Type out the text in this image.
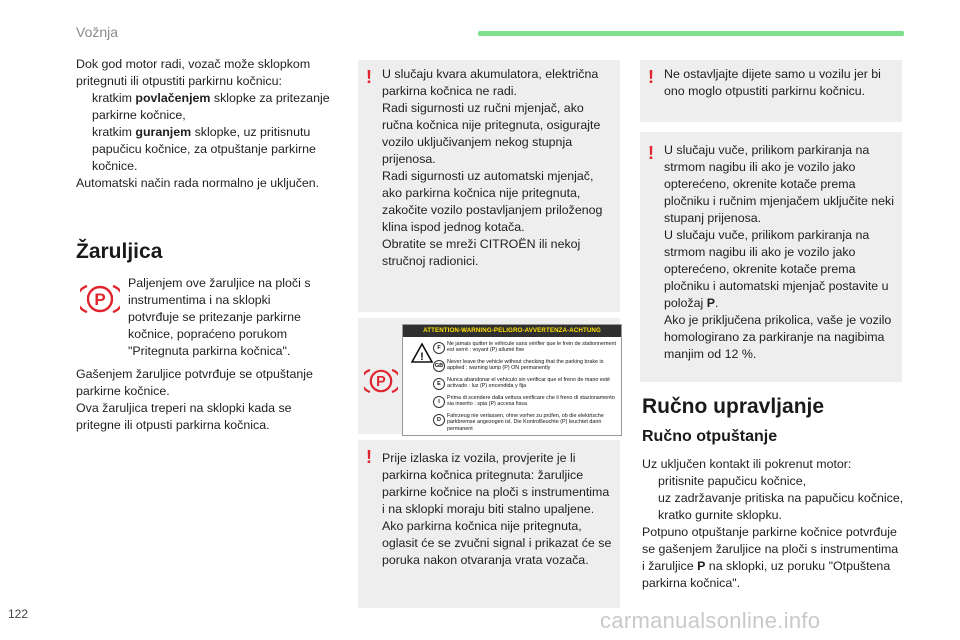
Vožnja

Dok god motor radi, vozač može sklopkom pritegnuti ili otpustiti parkirnu kočnicu:

kratkim povlačenjem sklopke za pritezanje parkirne kočnice,
kratkim guranjem sklopke, uz pritisnutu papučicu kočnice, za otpuštanje parkirne kočnice.

Automatski način rada normalno je uključen.

Žaruljica
P
Paljenjem ove žaruljice na ploči s instrumentima i na sklopki potvrđuje se pritezanje parkirne kočnice, popraćeno porukom "Pritegnuta parkirna kočnica".

Gašenjem žaruljice potvrđuje se otpuštanje parkirne kočnice.

Ova žaruljica treperi na sklopki kada se pritegne ili otpusti parkirna kočnica.

! U slučaju kvara akumulatora, električna parkirna kočnica ne radi.

Radi sigurnosti uz ručni mjenjač, ako ručna kočnica nije pritegnuta, osigurajte vozilo uključivanjem nekog stupnja prijenosa.

Radi sigurnosti uz automatski mjenjač, ako parkirna kočnica nije pritegnuta, zakočite vozilo postavljanjem priloženog klina ispod jednog kotača.

Obratite se mreži CITROËN ili nekoj stručnoj radionici.

P
ATTENTION-WARNING-PELIGRO-AVVERTENZA-ACHTUNG
!
F
Ne jamais quitter le véhicule sans vérifier que le frein de stationnement est serré : voyant (P) allumé fixe
GB
Never leave the vehicle without checking that the parking brake is applied : warning lamp (P) ON permanently
E
Nunca abandonar el vehículo sin verificar que el freno de mano esté activado : luz (P) encendida y fija
I
Prima di scendere dalla vettura verificare che il freno di stazionamento sia inserito : spia (P) accesa fissa
D
Fahrzeug nie verlassen, ohne vorher zu prüfen, ob die elektrische parkbremse angezogen ist. Die Kontrollleuchte (P) leuchtet dann permanent
! Prije izlaska iz vozila, provjerite je li parkirna kočnica pritegnuta: žaruljice parkirne kočnice na ploči s instrumentima i na sklopki moraju biti stalno upaljene. Ako parkirna kočnica nije pritegnuta, oglasit će se zvučni signal i prikazat će se poruka nakon otvaranja vrata vozača.
! Ne ostavljajte dijete samo u vozilu jer bi ono moglo otpustiti parkirnu kočnicu.
! U slučaju vuče, prilikom parkiranja na strmom nagibu ili ako je vozilo jako opterećeno, okrenite kotače prema pločniku i ručnim mjenjačem uključite neki stupanj prijenosa.

U slučaju vuče, prilikom parkiranja na strmom nagibu ili ako je vozilo jako opterećeno, okrenite kotače prema pločniku i automatski mjenjač postavite u položaj P.

Ako je priključena prikolica, vaše je vozilo homologirano za parkiranje na nagibima manjim od 12 %.

Ručno upravljanje
Ručno otpuštanje

Uz uključen kontakt ili pokrenut motor:

pritisnite papučicu kočnice,
uz zadržavanje pritiska na papučicu kočnice, kratko gurnite sklopku.
Potpuno otpuštanje parkirne kočnice potvrđuje se gašenjem žaruljice na ploči s instrumentima i žaruljice P na sklopki, uz poruku "Otpuštena parkirna kočnica".
122	carmanualsonline.info
